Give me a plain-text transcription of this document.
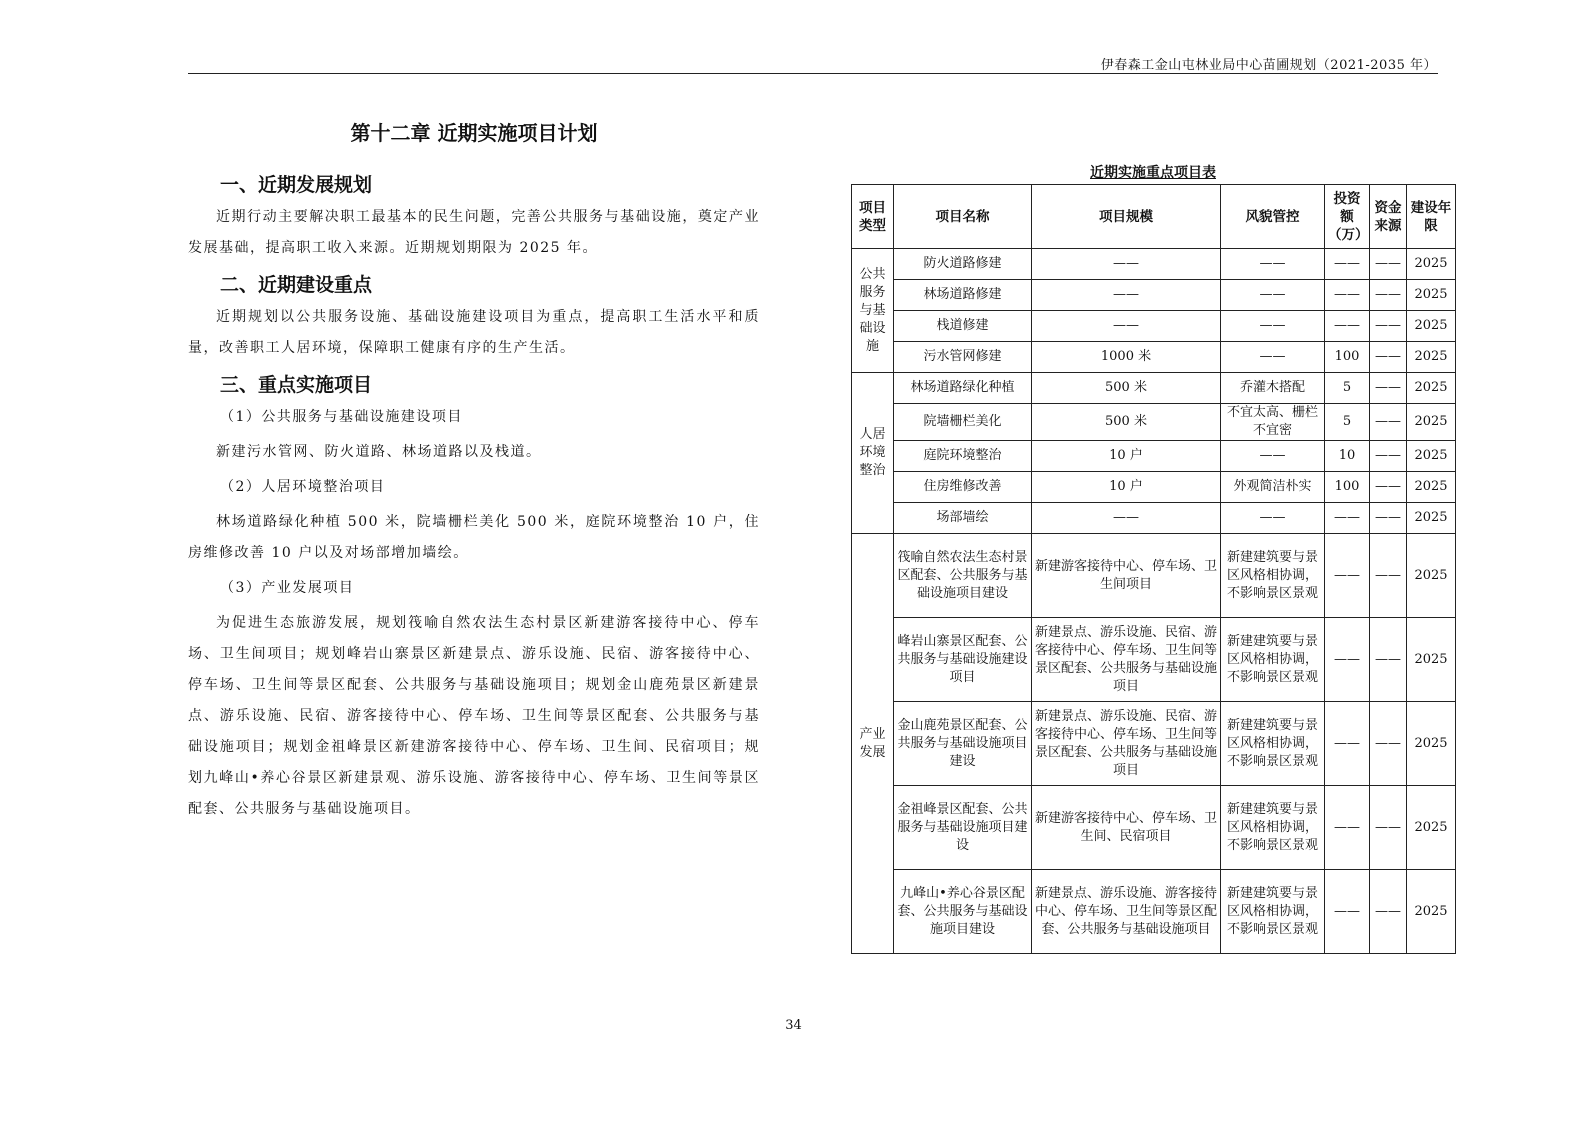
伊春森工金山屯林业局中心苗圃规划（2021-2035 年）
第十二章 近期实施项目计划
一、近期发展规划

近期行动主要解决职工最基本的民生问题，完善公共服务与基础设施，奠定产业发展基础，提高职工收入来源。近期规划期限为 2025 年。

二、近期建设重点

近期规划以公共服务设施、基础设施建设项目为重点，提高职工生活水平和质量，改善职工人居环境，保障职工健康有序的生产生活。

三、重点实施项目

（1）公共服务与基础设施建设项目

新建污水管网、防火道路、林场道路以及栈道。

（2）人居环境整治项目

林场道路绿化种植 500 米，院墙栅栏美化 500 米，庭院环境整治 10 户，住房维修改善 10 户以及对场部增加墙绘。

（3）产业发展项目

为促进生态旅游发展，规划筏喻自然农法生态村景区新建游客接待中心、停车场、卫生间项目；规划峰岩山寨景区新建景点、游乐设施、民宿、游客接待中心、停车场、卫生间等景区配套、公共服务与基础设施项目；规划金山鹿苑景区新建景点、游乐设施、民宿、游客接待中心、停车场、卫生间等景区配套、公共服务与基础设施项目；规划金祖峰景区新建游客接待中心、停车场、卫生间、民宿项目；规划九峰山•养心谷景区新建景观、游乐设施、游客接待中心、停车场、卫生间等景区配套、公共服务与基础设施项目。

近期实施重点项目表
项目类型	项目名称	项目规模	风貌管控	投资额（万）	资金来源	建设年限
公共服务与基础设施	防火道路修建	——	——	——	——	2025
	林场道路修建	——	——	——	——	2025
	栈道修建	——	——	——	——	2025
	污水管网修建	1000 米	——	100	——	2025
人居环境整治	林场道路绿化种植	500 米	乔灌木搭配	5	——	2025
	院墙栅栏美化	500 米	不宜太高、栅栏不宜密	5	——	2025
	庭院环境整治	10 户	——	10	——	2025
	住房维修改善	10 户	外观简洁朴实	100	——	2025
	场部墙绘	——	——	——	——	2025
产业发展	筏喻自然农法生态村景区配套、公共服务与基础设施项目建设	新建游客接待中心、停车场、卫生间项目	新建建筑要与景区风格相协调，不影响景区景观	——	——	2025
	峰岩山寨景区配套、公共服务与基础设施建设项目	新建景点、游乐设施、民宿、游客接待中心、停车场、卫生间等景区配套、公共服务与基础设施项目	新建建筑要与景区风格相协调，不影响景区景观	——	——	2025
	金山鹿苑景区配套、公共服务与基础设施项目建设	新建景点、游乐设施、民宿、游客接待中心、停车场、卫生间等景区配套、公共服务与基础设施项目	新建建筑要与景区风格相协调，不影响景区景观	——	——	2025
	金祖峰景区配套、公共服务与基础设施项目建设	新建游客接待中心、停车场、卫生间、民宿项目	新建建筑要与景区风格相协调，不影响景区景观	——	——	2025
	九峰山•养心谷景区配套、公共服务与基础设施项目建设	新建景点、游乐设施、游客接待中心、停车场、卫生间等景区配套、公共服务与基础设施项目	新建建筑要与景区风格相协调，不影响景区景观	——	——	2025
34
